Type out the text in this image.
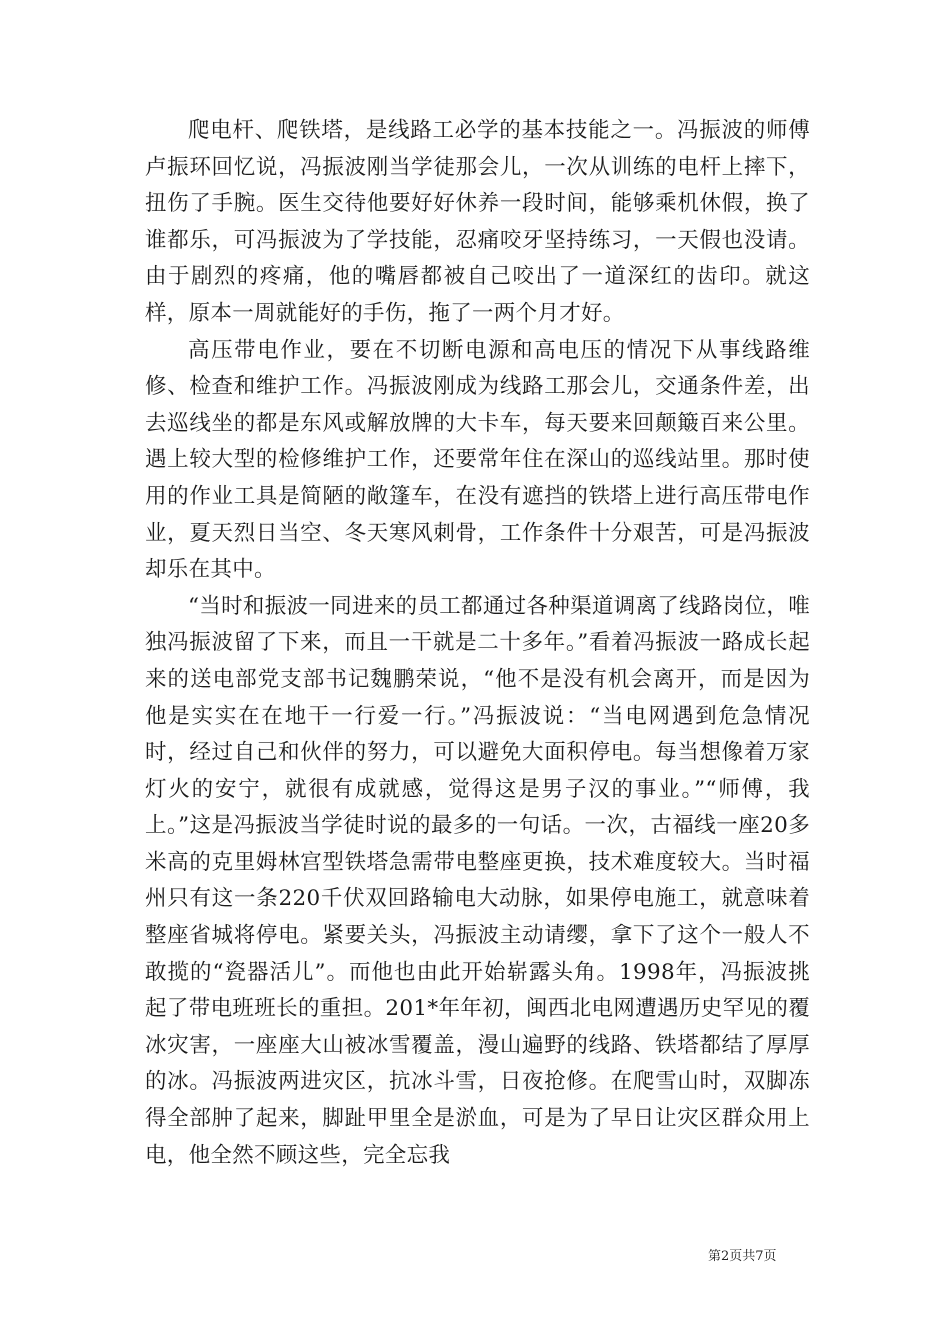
爬电杆、爬铁塔，是线路工必学的基本技能之一。冯振波的师傅卢振环回忆说，冯振波刚当学徒那会儿，一次从训练的电杆上摔下，扭伤了手腕。医生交待他要好好休养一段时间，能够乘机休假，换了谁都乐，可冯振波为了学技能，忍痛咬牙坚持练习，一天假也没请。由于剧烈的疼痛，他的嘴唇都被自己咬出了一道深红的齿印。就这样，原本一周就能好的手伤，拖了一两个月才好。

高压带电作业，要在不切断电源和高电压的情况下从事线路维修、检查和维护工作。冯振波刚成为线路工那会儿，交通条件差，出去巡线坐的都是东风或解放牌的大卡车，每天要来回颠簸百来公里。遇上较大型的检修维护工作，还要常年住在深山的巡线站里。那时使用的作业工具是简陋的敞篷车，在没有遮挡的铁塔上进行高压带电作业，夏天烈日当空、冬天寒风刺骨，工作条件十分艰苦，可是冯振波却乐在其中。

“当时和振波一同进来的员工都通过各种渠道调离了线路岗位，唯独冯振波留了下来，而且一干就是二十多年。”看着冯振波一路成长起来的送电部党支部书记魏鹏荣说，“他不是没有机会离开，而是因为他是实实在在地干一行爱一行。”冯振波说：“当电网遇到危急情况时，经过自己和伙伴的努力，可以避免大面积停电。每当想像着万家灯火的安宁，就很有成就感，觉得这是男子汉的事业。”“师傅，我上。”这是冯振波当学徒时说的最多的一句话。一次，古福线一座20多米高的克里姆林宫型铁塔急需带电整座更换，技术难度较大。当时福州只有这一条220千伏双回路输电大动脉，如果停电施工，就意味着整座省城将停电。紧要关头，冯振波主动请缨，拿下了这个一般人不敢揽的“瓷器活儿”。而他也由此开始崭露头角。1998年，冯振波挑起了带电班班长的重担。201*年年初，闽西北电网遭遇历史罕见的覆冰灾害，一座座大山被冰雪覆盖，漫山遍野的线路、铁塔都结了厚厚的冰。冯振波两进灾区，抗冰斗雪，日夜抢修。在爬雪山时，双脚冻得全部肿了起来，脚趾甲里全是淤血，可是为了早日让灾区群众用上电，他全然不顾这些，完全忘我

第2页共7页
